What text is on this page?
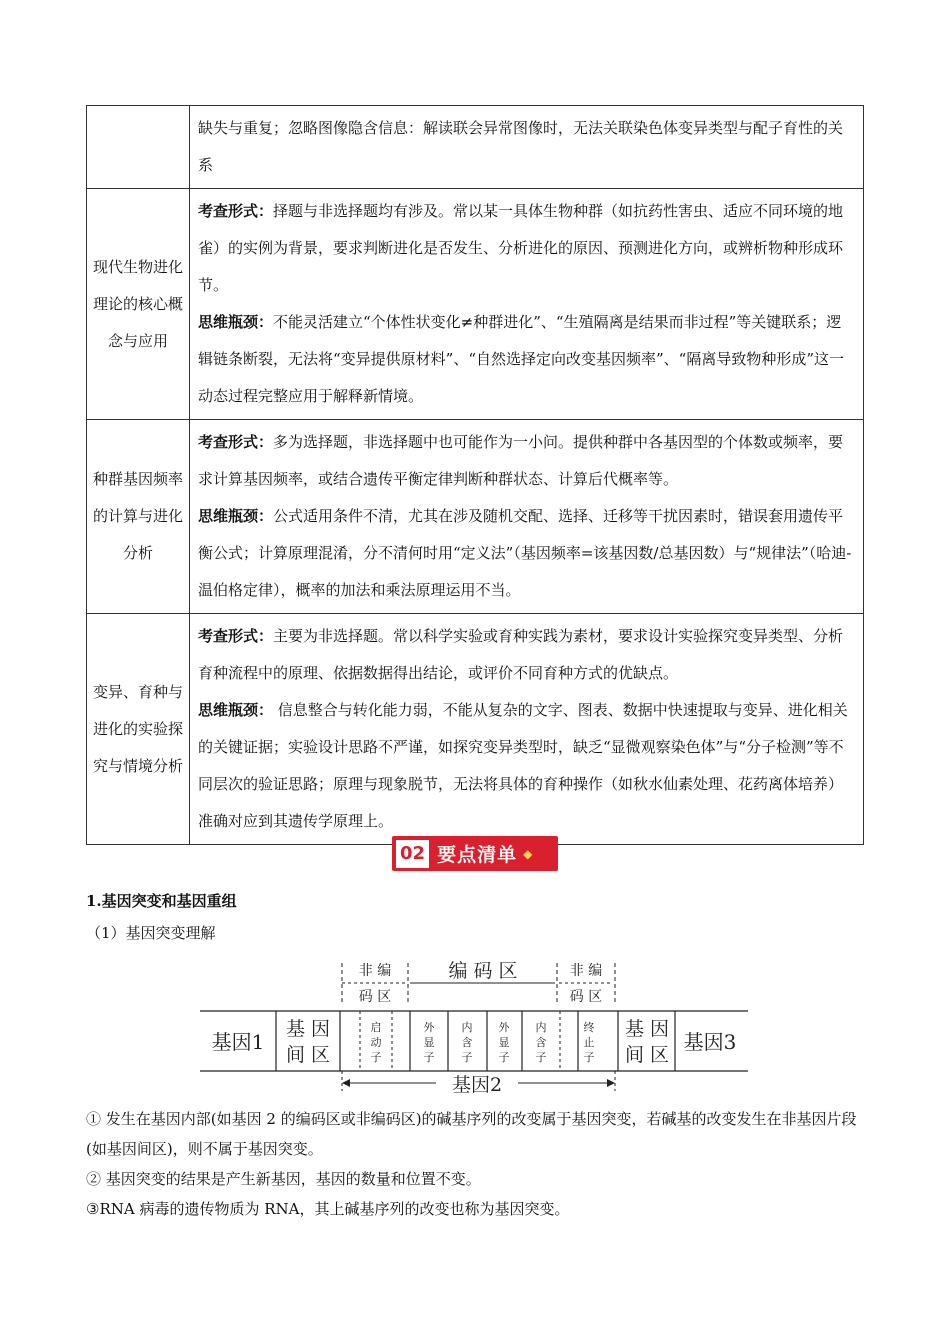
	缺失与重复；忽略图像隐含信息：解读联会异常图像时，无法关联染色体变异类型与配子育性的关系
现代生物进化理论的核心概念与应用	考查形式：择题与非选择题均有涉及。常以某一具体生物种群（如抗药性害虫、适应不同环境的地雀）的实例为背景，要求判断进化是否发生、分析进化的原因、预测进化方向，或辨析物种形成环节。
思维瓶颈：不能灵活建立“个体性状变化≠种群进化”、“生殖隔离是结果而非过程”等关键联系；逻辑链条断裂，无法将“变异提供原材料”、“自然选择定向改变基因频率”、“隔离导致物种形成”这一动态过程完整应用于解释新情境。

种群基因频率的计算与进化分析	考查形式：多为选择题，非选择题中也可能作为一小问。提供种群中各基因型的个体数或频率，要求计算基因频率，或结合遗传平衡定律判断种群状态、计算后代概率等。
思维瓶颈：公式适用条件不清，尤其在涉及随机交配、选择、迁移等干扰因素时，错误套用遗传平衡公式；计算原理混淆，分不清何时用“定义法”（基因频率=该基因数/总基因数）与“规律法”（哈迪-温伯格定律），概率的加法和乘法原理运用不当。

变异、育种与进化的实验探究与情境分析	考查形式：主要为非选择题。常以科学实验或育种实践为素材，要求设计实验探究变异类型、分析育种流程中的原理、依据数据得出结论，或评价不同育种方式的优缺点。
思维瓶颈： 信息整合与转化能力弱，不能从复杂的文字、图表、数据中快速提取与变异、进化相关的关键证据；实验设计思路不严谨，如探究变异类型时，缺乏“显微观察染色体”与“分子检测”等不同层次的验证思路；原理与现象脱节，无法将具体的育种操作（如秋水仙素处理、花药离体培养）准确对应到其遗传学原理上。
02 要点清单 ◆
1.基因突变和基因重组
（1）基因突变理解
非 编
码 区
编 码 区	非 编
码 区
基因1
基 因
间 区
启
动
子
外
显
子
内
含
子
外
显
子
内
含
子
终
止
子
基 因
间 区
基因3
基因2
① 发生在基因内部(如基因 2 的编码区或非编码区)的碱基序列的改变属于基因突变，若碱基的改变发生在非基因片段(如基因间区)，则不属于基因突变。
② 基因突变的结果是产生新基因，基因的数量和位置不变。
③RNA 病毒的遗传物质为 RNA，其上碱基序列的改变也称为基因突变。
